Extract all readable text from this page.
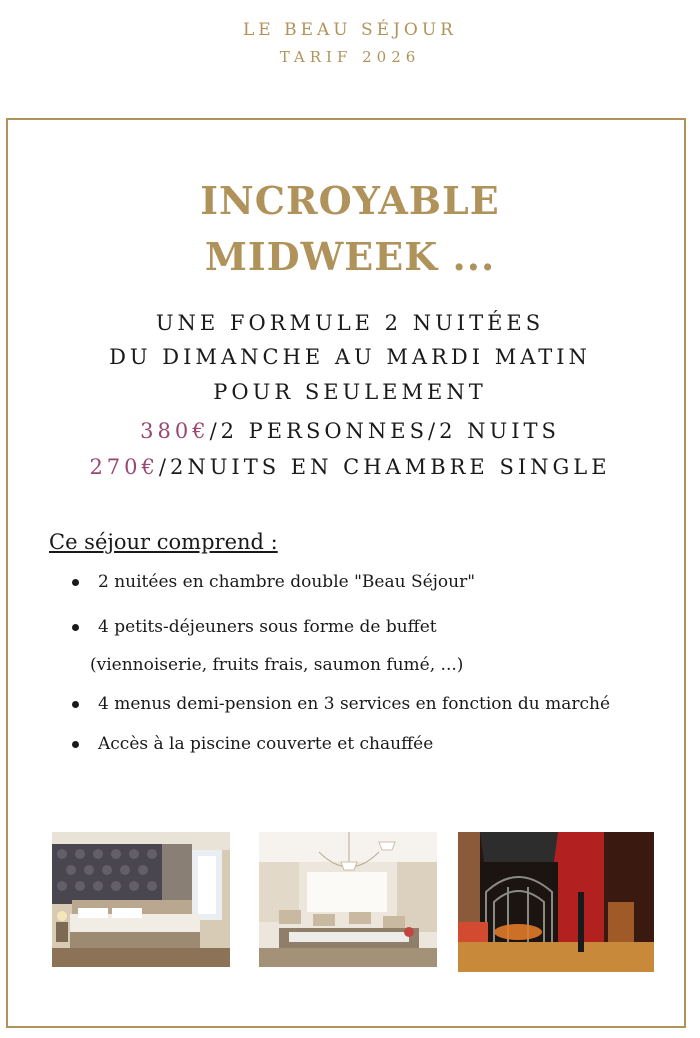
LE BEAU SÉJOUR
TARIF 2026
INCROYABLE
MIDWEEK ...
UNE FORMULE 2 NUITÉES
DU DIMANCHE AU MARDI MATIN
POUR SEULEMENT
380€/2 PERSONNES/2 NUITS
270€/2NUITS EN CHAMBRE SINGLE
Ce séjour comprend :
2 nuitées en chambre double "Beau Séjour"
4 petits-déjeuners sous forme de buffet
(viennoiserie, fruits frais, saumon fumé, ...)
4 menus demi-pension en 3 services en fonction du marché
Accès à la piscine couverte et chauffée
